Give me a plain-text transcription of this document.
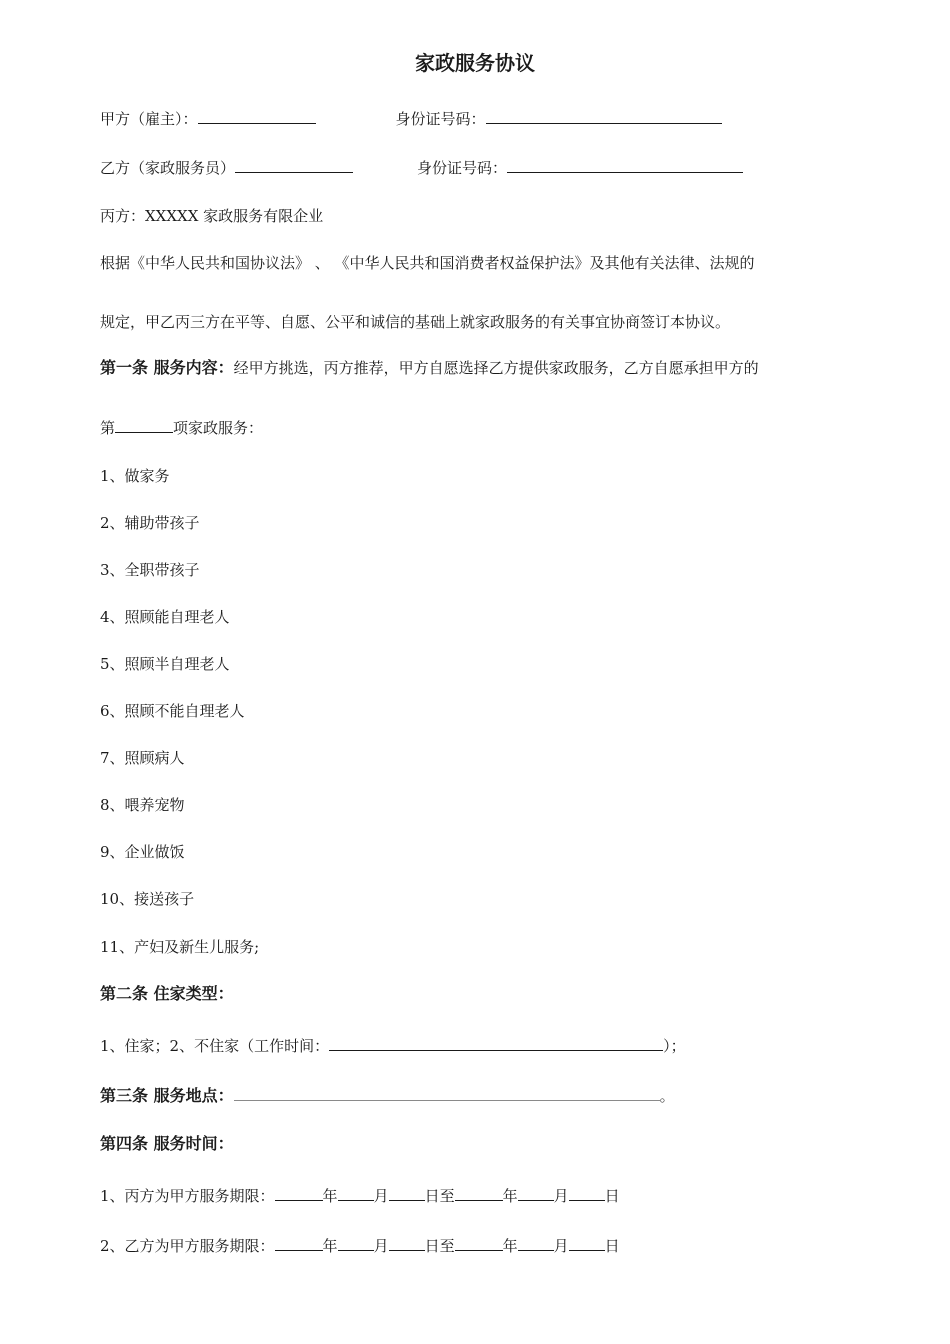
家政服务协议
甲方（雇主）：	身份证号码：
乙方（家政服务员）	身份证号码：
丙方：XXXXX 家政服务有限企业
根据《中华人民共和国协议法》 、 《中华人民共和国消费者权益保护法》及其他有关法律、法规的
规定，甲乙丙三方在平等、自愿、公平和诚信的基础上就家政服务的有关事宜协商签订本协议。
第一条 服务内容：经甲方挑选，丙方推荐，甲方自愿选择乙方提供家政服务，乙方自愿承担甲方的
第	项家政服务：
1、做家务
2、辅助带孩子
3、全职带孩子
4、照顾能自理老人
5、照顾半自理老人
6、照顾不能自理老人
7、照顾病人
8、喂养宠物
9、企业做饭
10、接送孩子
11、产妇及新生儿服务;
第二条 住家类型：
1、住家；2、不住家（工作时间：	）；
第三条 服务地点：	。
第四条 服务时间：
1、丙方为甲方服务期限：	年 月 日至	年 月 日
2、乙方为甲方服务期限：	年 月 日至	年 月 日
